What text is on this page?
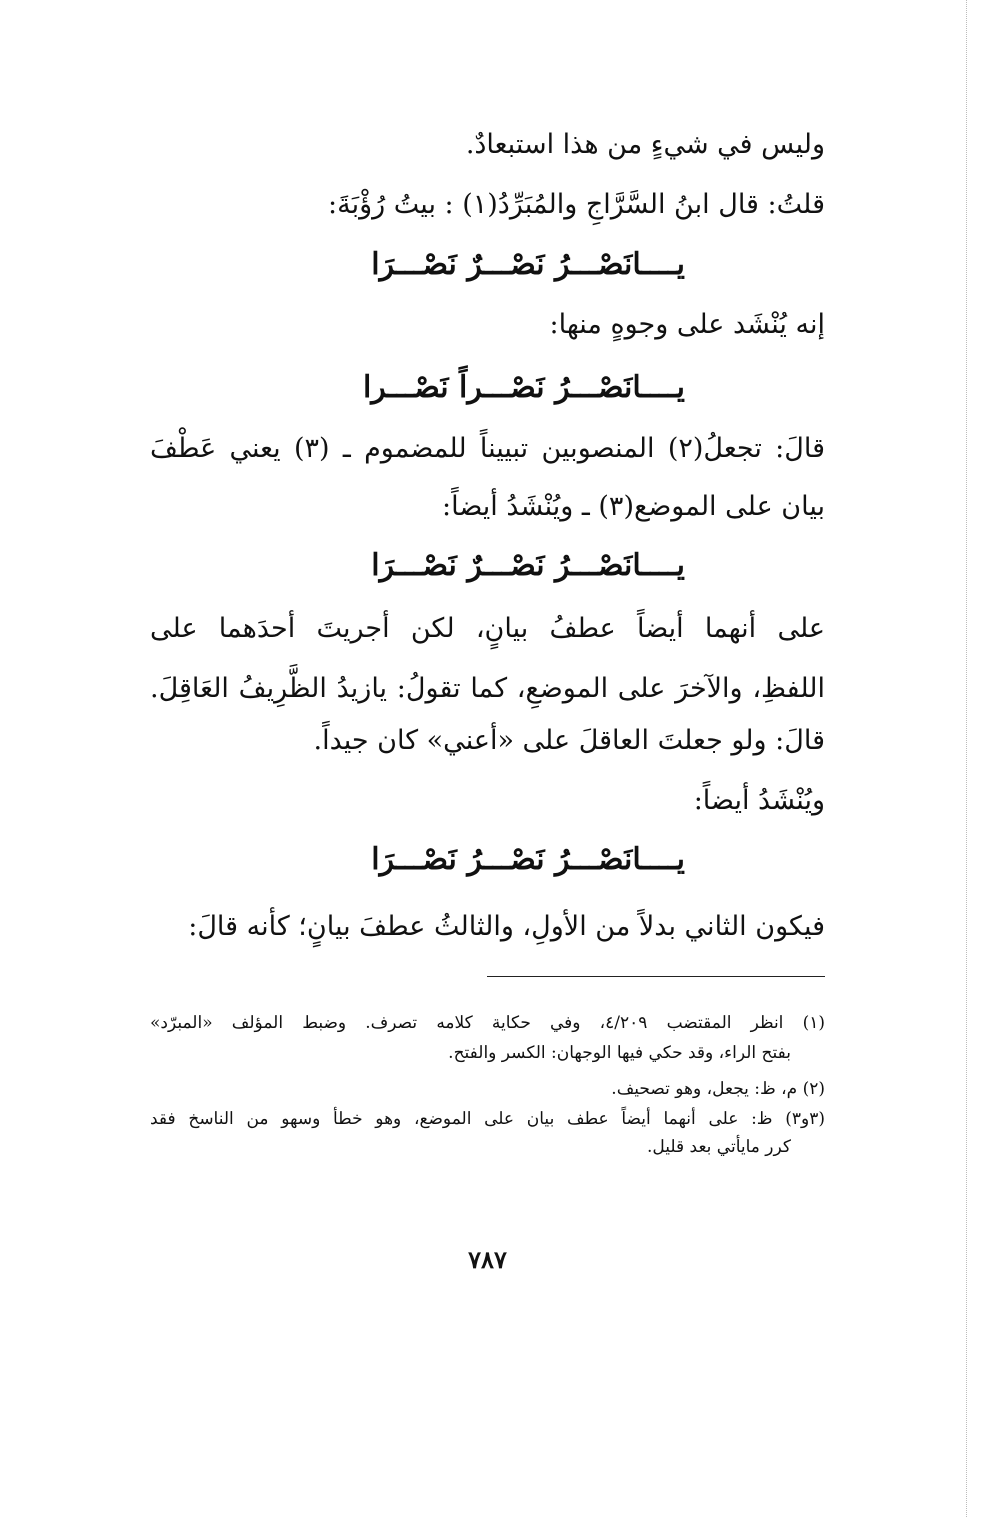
وليس في شيءٍ من هذا استبعادٌ.

قلتُ: قال ابنُ السَّرَّاجِ والمُبَرِّدُ(١) : بيتُ رُؤْبَةَ:

يــــانَصْـــرُ نَصْـــرٌ نَصْـــرَا

إنه يُنْشَد على وجوهٍ منها:

يــــانَصْـــرُ نَصْـــراً نَصْـــرا

قالَ: تجعلُ(٢) المنصوبين تبييناً للمضموم ـ (٣) يعني عَطْفَ

بيان على الموضع(٣) ـ ويُنْشَدُ أيضاً:

يــــانَصْـــرُ نَصْـــرٌ نَصْـــرَا

على أنهما أيضاً عطفُ بيانٍ، لكن أجريتَ أحدَهما على

اللفظِ، والآخرَ على الموضعِ، كما تقولُ: يازيدُ الظَّرِيفُ العَاقِلَ.

قالَ: ولو جعلتَ العاقلَ على «أعني» كان جيداً.

ويُنْشَدُ أيضاً:

يــــانَصْـــرُ نَصْـــرُ نَصْـــرَا

فيكون الثاني بدلاً من الأولِ، والثالثُ عطفَ بيانٍ؛ كأنه قالَ:

(١) انظر المقتضب ٤/٢٠٩، وفي حكاية كلامه تصرف. وضبط المؤلف «المبرّد»

بفتح الراء، وقد حكي فيها الوجهان: الكسر والفتح.

(٢) م، ظ: يجعل، وهو تصحيف.

(٣و٣) ظ: على أنهما أيضاً عطف بيان على الموضع، وهو خطأ وسهو من الناسخ فقد

كرر مايأتي بعد قليل.

٧٨٧
